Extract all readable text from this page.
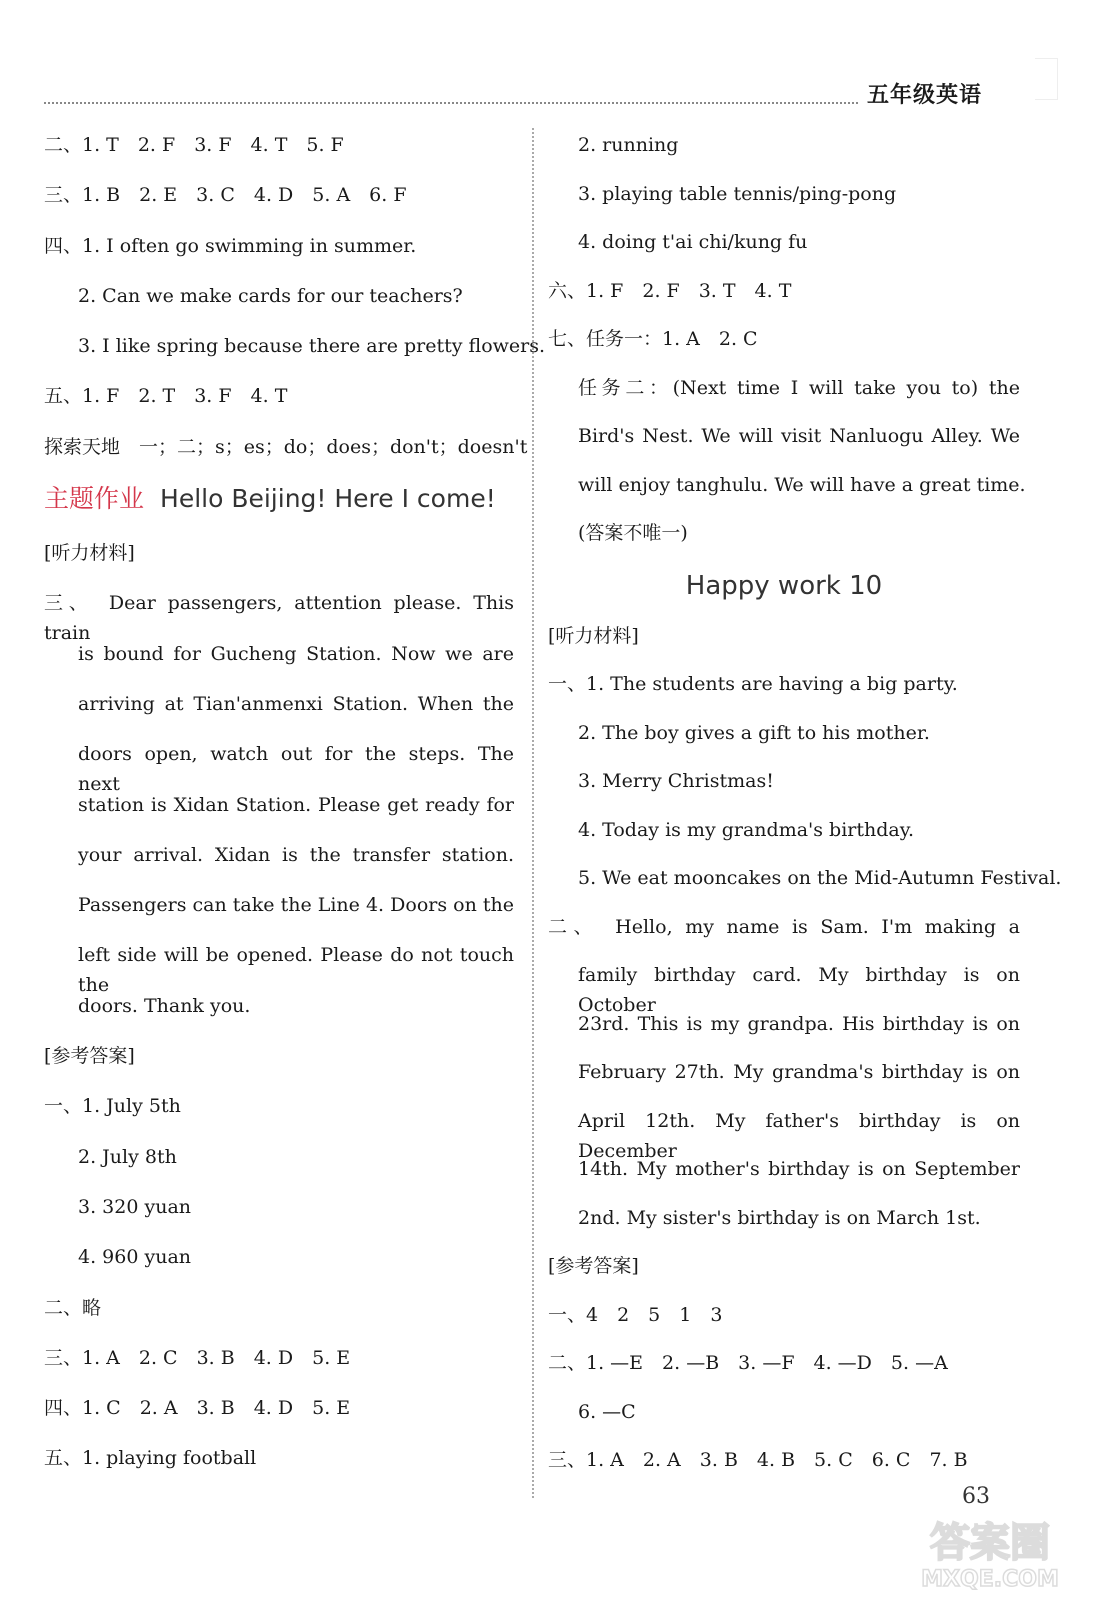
五年级英语
二、1. T　2. F　3. F　4. T　5. F
三、1. B　2. E　3. C　4. D　5. A　6. F
四、1. I often go swimming in summer.
2. Can we make cards for our teachers?
3. I like spring because there are pretty flowers.
五、1. F　2. T　3. F　4. T
探索天地　一；二；s；es；do；does；don't；doesn't
主题作业 Hello Beijing! Here I come!
[听力材料]
三、　Dear passengers, attention please. This train
is bound for Gucheng Station. Now we are
arriving at Tian'anmenxi Station. When the
doors open, watch out for the steps. The next
station is Xidan Station. Please get ready for
your arrival. Xidan is the transfer station.
Passengers can take the Line 4. Doors on the
left side will be opened. Please do not touch the
doors. Thank you.
[参考答案]
一、1. July 5th
2. July 8th
3. 320 yuan
4. 960 yuan
二、略
三、1. A　2. C　3. B　4. D　5. E
四、1. C　2. A　3. B　4. D　5. E
五、1. playing football
2. running
3. playing table tennis/ping-pong
4. doing t'ai chi/kung fu
六、1. F　2. F　3. T　4. T
七、任务一：1. A　2. C
任务二：(Next time I will take you to) the
Bird's Nest. We will visit Nanluogu Alley. We
will enjoy tanghulu. We will have a great time.
(答案不唯一)
Happy work 10
[听力材料]
一、1. The students are having a big party.
2. The boy gives a gift to his mother.
3. Merry Christmas!
4. Today is my grandma's birthday.
5. We eat mooncakes on the Mid-Autumn Festival.
二、　Hello, my name is Sam. I'm making a
family birthday card. My birthday is on October
23rd. This is my grandpa. His birthday is on
February 27th. My grandma's birthday is on
April 12th. My father's birthday is on December
14th. My mother's birthday is on September
2nd. My sister's birthday is on March 1st.
[参考答案]
一、4　2　5　1　3
二、1. —E　2. —B　3. —F　4. —D　5. —A
6. —C
三、1. A　2. A　3. B　4. B　5. C　6. C　7. B
63
答案圈
MXQE.COM
